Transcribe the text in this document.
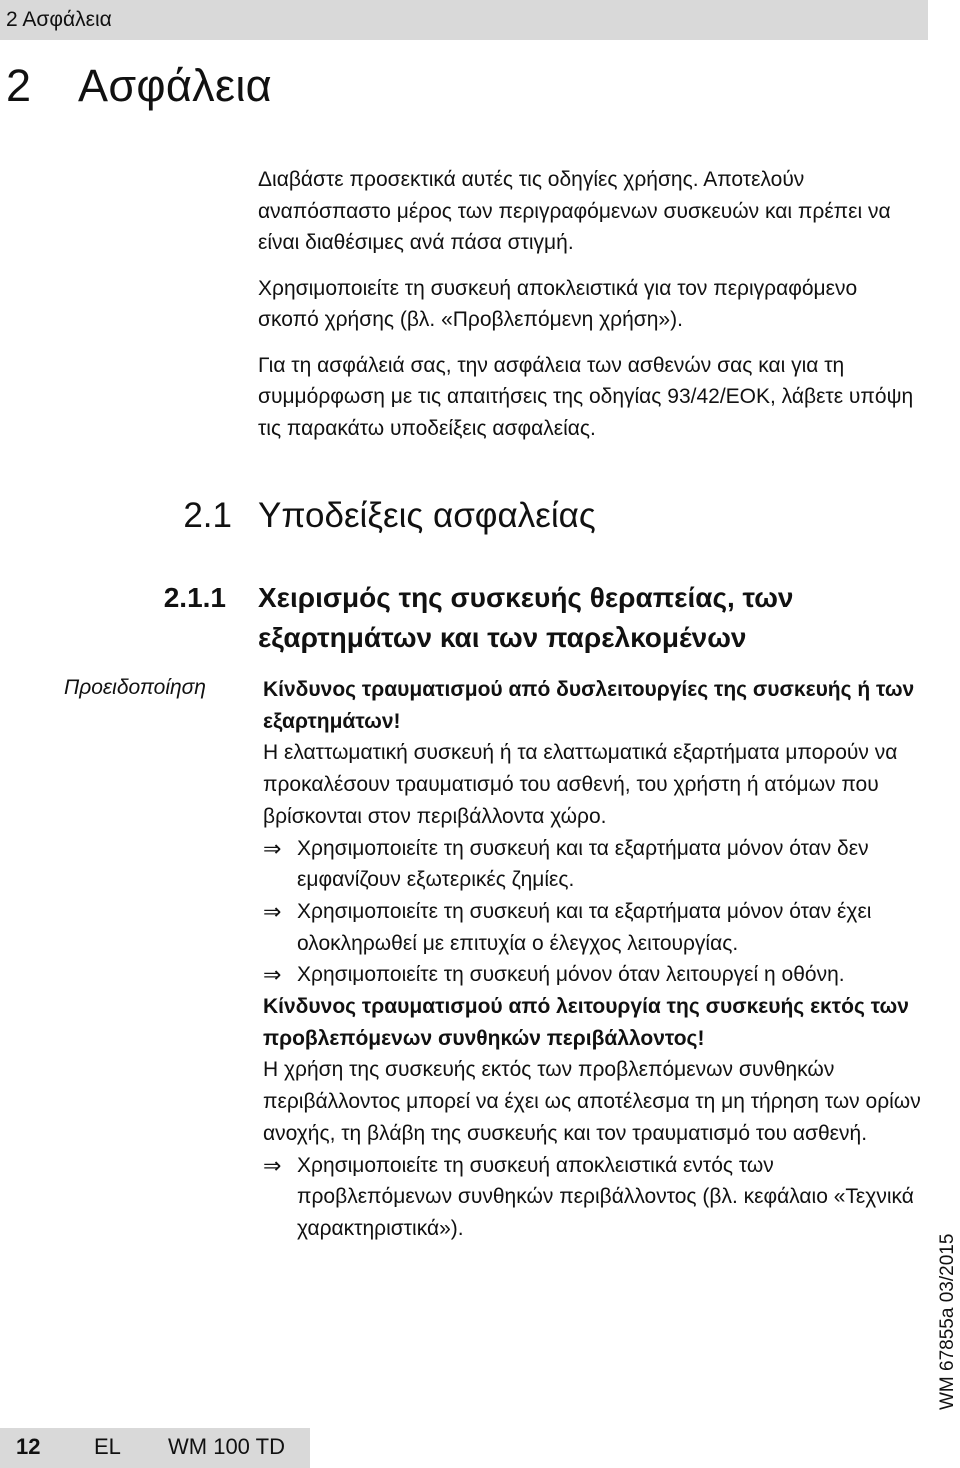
2 Ασφάλεια
2 Ασφάλεια

Διαβάστε προσεκτικά αυτές τις οδηγίες χρήσης. Αποτελούν αναπόσπαστο μέρος των περιγραφόμενων συσκευών και πρέπει να είναι διαθέσιμες ανά πάσα στιγμή.

Χρησιμοποιείτε τη συσκευή αποκλειστικά για τον περιγραφόμενο σκοπό χρήσης (βλ. «Προβλεπόμενη χρήση»).

Για τη ασφάλειά σας, την ασφάλεια των ασθενών σας και για τη συμμόρφωση με τις απαιτήσεις της οδηγίας 93/42/ΕΟΚ, λάβετε υπόψη τις παρακάτω υποδείξεις ασφαλείας.

2.1 Υποδείξεις ασφαλείας
2.1.1 Χειρισμός της συσκευής θεραπείας, των εξαρτημάτων και των παρελκομένων
Προειδοποίηση	Κίνδυνος τραυματισμού από δυσλειτουργίες της συσκευής ή των εξαρτημάτων!
Η ελαττωματική συσκευή ή τα ελαττωματικά εξαρτήματα μπορούν να προκαλέσουν τραυματισμό του ασθενή, του χρήστη ή ατόμων που βρίσκονται στον περιβάλλοντα χώρο.
⇒ Χρησιμοποιείτε τη συσκευή και τα εξαρτήματα μόνον όταν δεν εμφανίζουν εξωτερικές ζημίες.
⇒ Χρησιμοποιείτε τη συσκευή και τα εξαρτήματα μόνον όταν έχει ολοκληρωθεί με επιτυχία ο έλεγχος λειτουργίας.
⇒ Χρησιμοποιείτε τη συσκευή μόνον όταν λειτουργεί η οθόνη.
Κίνδυνος τραυματισμού από λειτουργία της συσκευής εκτός των προβλεπόμενων συνθηκών περιβάλλοντος!
Η χρήση της συσκευής εκτός των προβλεπόμενων συνθηκών περιβάλλοντος μπορεί να έχει ως αποτέλεσμα τη μη τήρηση των ορίων ανοχής, τη βλάβη της συσκευής και τον τραυματισμό του ασθενή.
⇒ Χρησιμοποιείτε τη συσκευή αποκλειστικά εντός των προβλεπόμενων συνθηκών περιβάλλοντος (βλ. κεφάλαιο «Τεχνικά χαρακτηριστικά»).
WM 67855a 03/2015
12 EL WM 100 TD
